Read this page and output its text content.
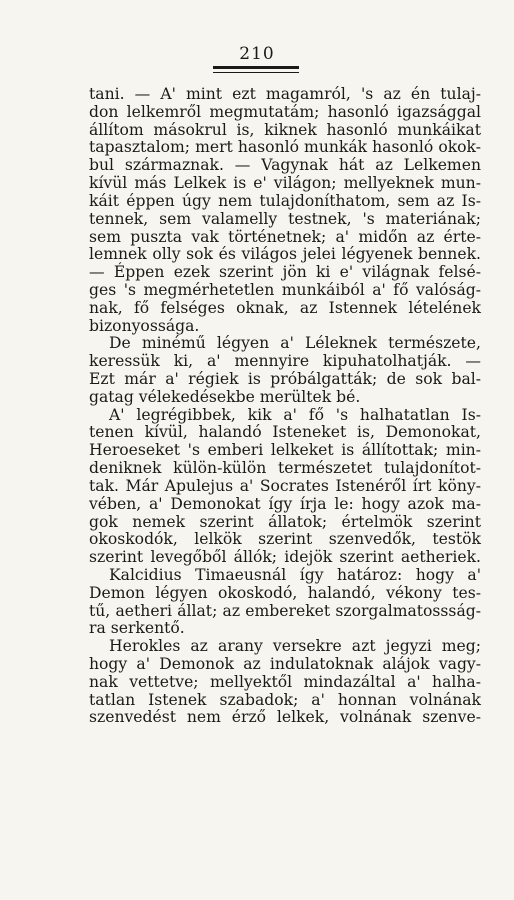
210
tani. — A' mint ezt magamról, 's az én tulaj-
don lelkemről megmutatám; hasonló igazsággal
állítom másokrul is, kiknek hasonló munkáikat
tapasztalom; mert hasonló munkák hasonló okok-
bul származnak. — Vagynak hát az Lelkemen
kívül más Lelkek is e' világon; mellyeknek mun-
káit éppen úgy nem tulajdoníthatom, sem az Is-
tennek, sem valamelly testnek, 's materiának;
sem puszta vak történetnek; a' midőn az érte-
lemnek olly sok és világos jelei légyenek bennek.
— Éppen ezek szerint jön ki e' világnak felsé-
ges 's megmérhetetlen munkáiból a' fő valóság-
nak, fő felséges oknak, az Istennek lételének
bizonyossága.
De minémű légyen a' Léleknek természete,
keressük ki, a' mennyire kipuhatolhatják. —
Ezt már a' régiek is próbálgatták; de sok bal-
gatag vélekedésekbe merültek bé.
A' legrégibbek, kik a' fő 's halhatatlan Is-
tenen kívül, halandó Isteneket is, Demonokat,
Heroeseket 's emberi lelkeket is állítottak; min-
deniknek külön-külön természetet tulajdonítot-
tak. Már Apulejus a' Socrates Istenéről írt köny-
vében, a' Demonokat így írja le: hogy azok ma-
gok nemek szerint állatok; értelmök szerint
okoskodók, lelkök szerint szenvedők, testök
szerint levegőből állók; idejök szerint aetheriek.
Kalcidius Timaeusnál így határoz: hogy a'
Demon légyen okoskodó, halandó, vékony tes-
tű, aetheri állat; az embereket szorgalmatossság-
ra serkentő.
Herokles az arany versekre azt jegyzi meg;
hogy a' Demonok az indulatoknak alájok vagy-
nak vettetve; mellyektől mindazáltal a' halha-
tatlan Istenek szabadok; a' honnan volnának
szenvedést nem érző lelkek, volnának szenve-
